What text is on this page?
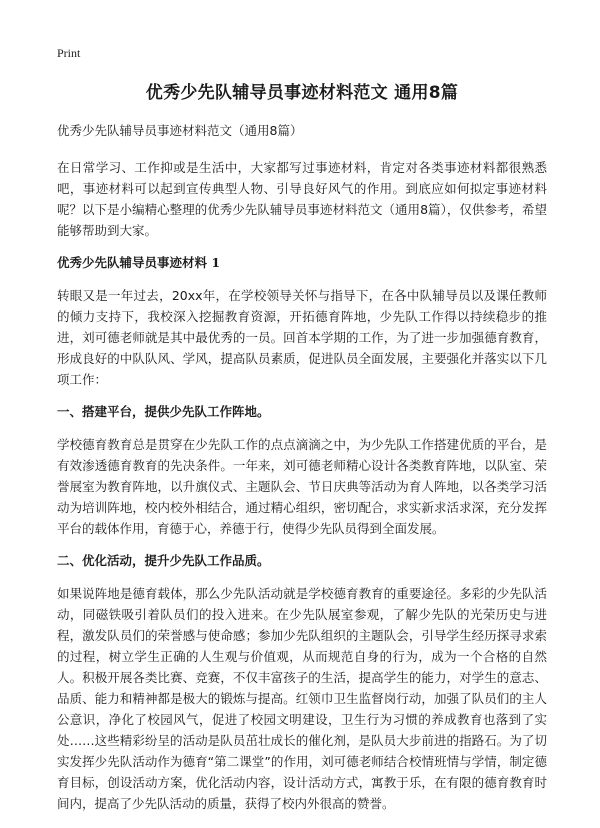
Print
优秀少先队辅导员事迹材料范文 通用8篇
优秀少先队辅导员事迹材料范文（通用8篇）

在日常学习、工作抑或是生活中，大家都写过事迹材料，肯定对各类事迹材料都很熟悉吧，事迹材料可以起到宣传典型人物、引导良好风气的作用。到底应如何拟定事迹材料呢？以下是小编精心整理的优秀少先队辅导员事迹材料范文（通用8篇），仅供参考，希望能够帮助到大家。

优秀少先队辅导员事迹材料 1

转眼又是一年过去，20xx年，在学校领导关怀与指导下，在各中队辅导员以及课任教师的倾力支持下，我校深入挖掘教育资源，开拓德育阵地，少先队工作得以持续稳步的推进，刘可德老师就是其中最优秀的一员。回首本学期的工作，为了进一步加强德育教育，形成良好的中队队风、学风，提高队员素质，促进队员全面发展，主要强化并落实以下几项工作：

一、搭建平台，提供少先队工作阵地。

学校德育教育总是贯穿在少先队工作的点点滴滴之中，为少先队工作搭建优质的平台，是有效渗透德育教育的先决条件。一年来，刘可德老师精心设计各类教育阵地，以队室、荣誉展室为教育阵地，以升旗仪式、主题队会、节日庆典等活动为育人阵地，以各类学习活动为培训阵地，校内校外相结合，通过精心组织，密切配合，求实新求活求深，充分发挥平台的载体作用，育德于心，养德于行，使得少先队员得到全面发展。

二、优化活动，提升少先队工作品质。

如果说阵地是德育载体，那么少先队活动就是学校德育教育的重要途径。多彩的少先队活动，同磁铁吸引着队员们的投入进来。在少先队展室参观，了解少先队的光荣历史与进程，激发队员们的荣誉感与使命感；参加少先队组织的主题队会，引导学生经历探寻求索的过程，树立学生正确的人生观与价值观，从而规范自身的行为，成为一个合格的自然人。积极开展各类比赛、竞赛，不仅丰富孩子的生活，提高学生的能力，对学生的意志、品质、能力和精神都是极大的锻炼与提高。红领巾卫生监督岗行动，加强了队员们的主人公意识，净化了校园风气，促进了校园文明建设，卫生行为习惯的养成教育也落到了实处……这些精彩纷呈的活动是队员茁壮成长的催化剂，是队员大步前进的指路石。为了切实发挥少先队活动作为德育“第二课堂”的作用，刘可德老师结合校情班情与学情，制定德育目标，创设活动方案，优化活动内容，设计活动方式，寓教于乐，在有限的德育教育时间内，提高了少先队活动的质量，获得了校内外很高的赞誉。
